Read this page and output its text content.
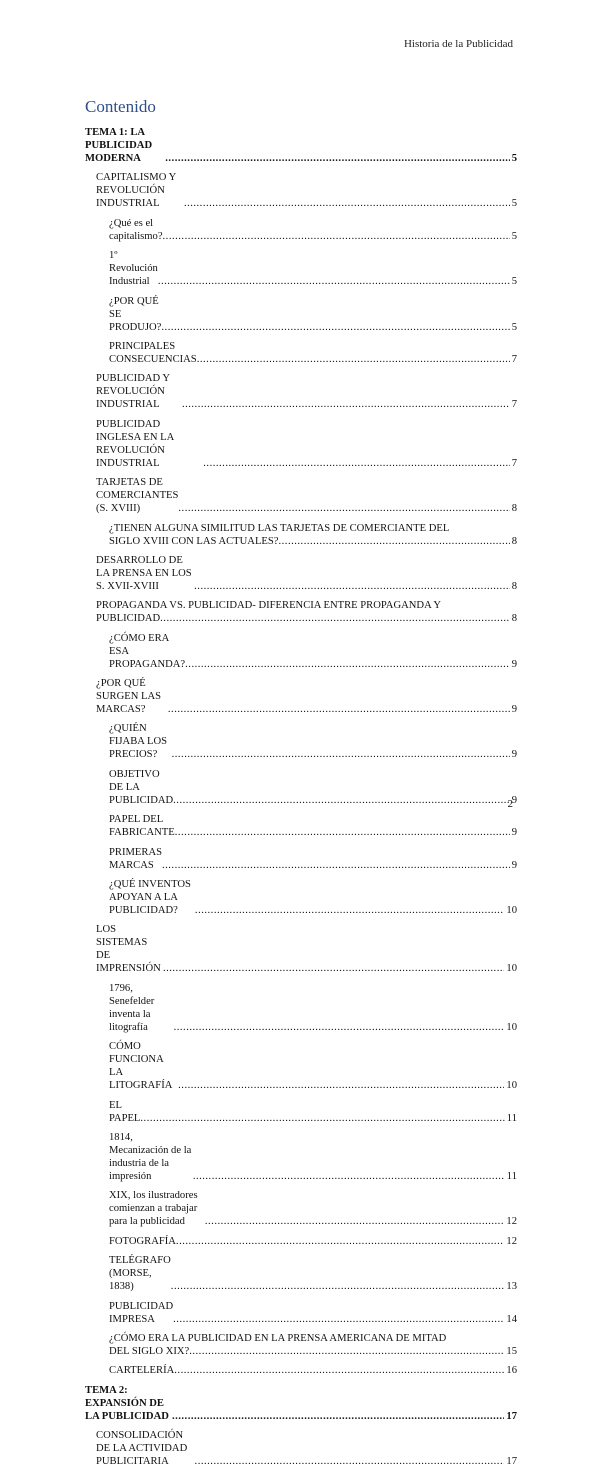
Historia de la Publicidad
Contenido
TEMA 1: LA PUBLICIDAD MODERNA .....	5
CAPITALISMO Y REVOLUCIÓN INDUSTRIAL .....	5
¿Qué es el capitalismo? .....	5
1º Revolución Industrial .....	5
¿POR QUÉ SE PRODUJO? .....	5
PRINCIPALES CONSECUENCIAS .....	7
PUBLICIDAD Y REVOLUCIÓN INDUSTRIAL .....	7
PUBLICIDAD INGLESA EN LA REVOLUCIÓN INDUSTRIAL .....	7
TARJETAS DE COMERCIANTES (S. XVIII) .....	8
¿TIENEN ALGUNA SIMILITUD LAS TARJETAS DE COMERCIANTE DEL
SIGLO XVIII CON LAS ACTUALES? .....	8
DESARROLLO DE LA PRENSA EN LOS S. XVII-XVIII .....	8
PROPAGANDA VS. PUBLICIDAD- DIFERENCIA ENTRE PROPAGANDA Y
PUBLICIDAD .....	8
¿CÓMO ERA ESA PROPAGANDA? .....	9
¿POR QUÉ SURGEN LAS MARCAS? .....	9
¿QUIÉN FIJABA LOS PRECIOS? .....	9
OBJETIVO DE LA PUBLICIDAD .....	9
PAPEL DEL FABRICANTE .....	9
PRIMERAS MARCAS .....	9
¿QUÉ INVENTOS APOYAN A LA PUBLICIDAD? .....	10
LOS SISTEMAS DE IMPRENSIÓN .....	10
1796, Senefelder inventa la litografía .....	10
CÓMO FUNCIONA LA LITOGRAFÍA .....	10
EL PAPEL .....	11
1814, Mecanización de la industria de la impresión .....	11
XIX, los ilustradores comienzan a trabajar para la publicidad .....	12
FOTOGRAFÍA .....	12
TELÉGRAFO (MORSE, 1838) .....	13
PUBLICIDAD IMPRESA .....	14
¿CÓMO ERA LA PUBLICIDAD EN LA PRENSA AMERICANA DE MITAD
DEL SIGLO XIX? .....	15
CARTELERÍA .....	16
TEMA 2: EXPANSIÓN DE LA PUBLICIDAD .....	17
CONSOLIDACIÓN DE LA ACTIVIDAD PUBLICITARIA .....	17
2
